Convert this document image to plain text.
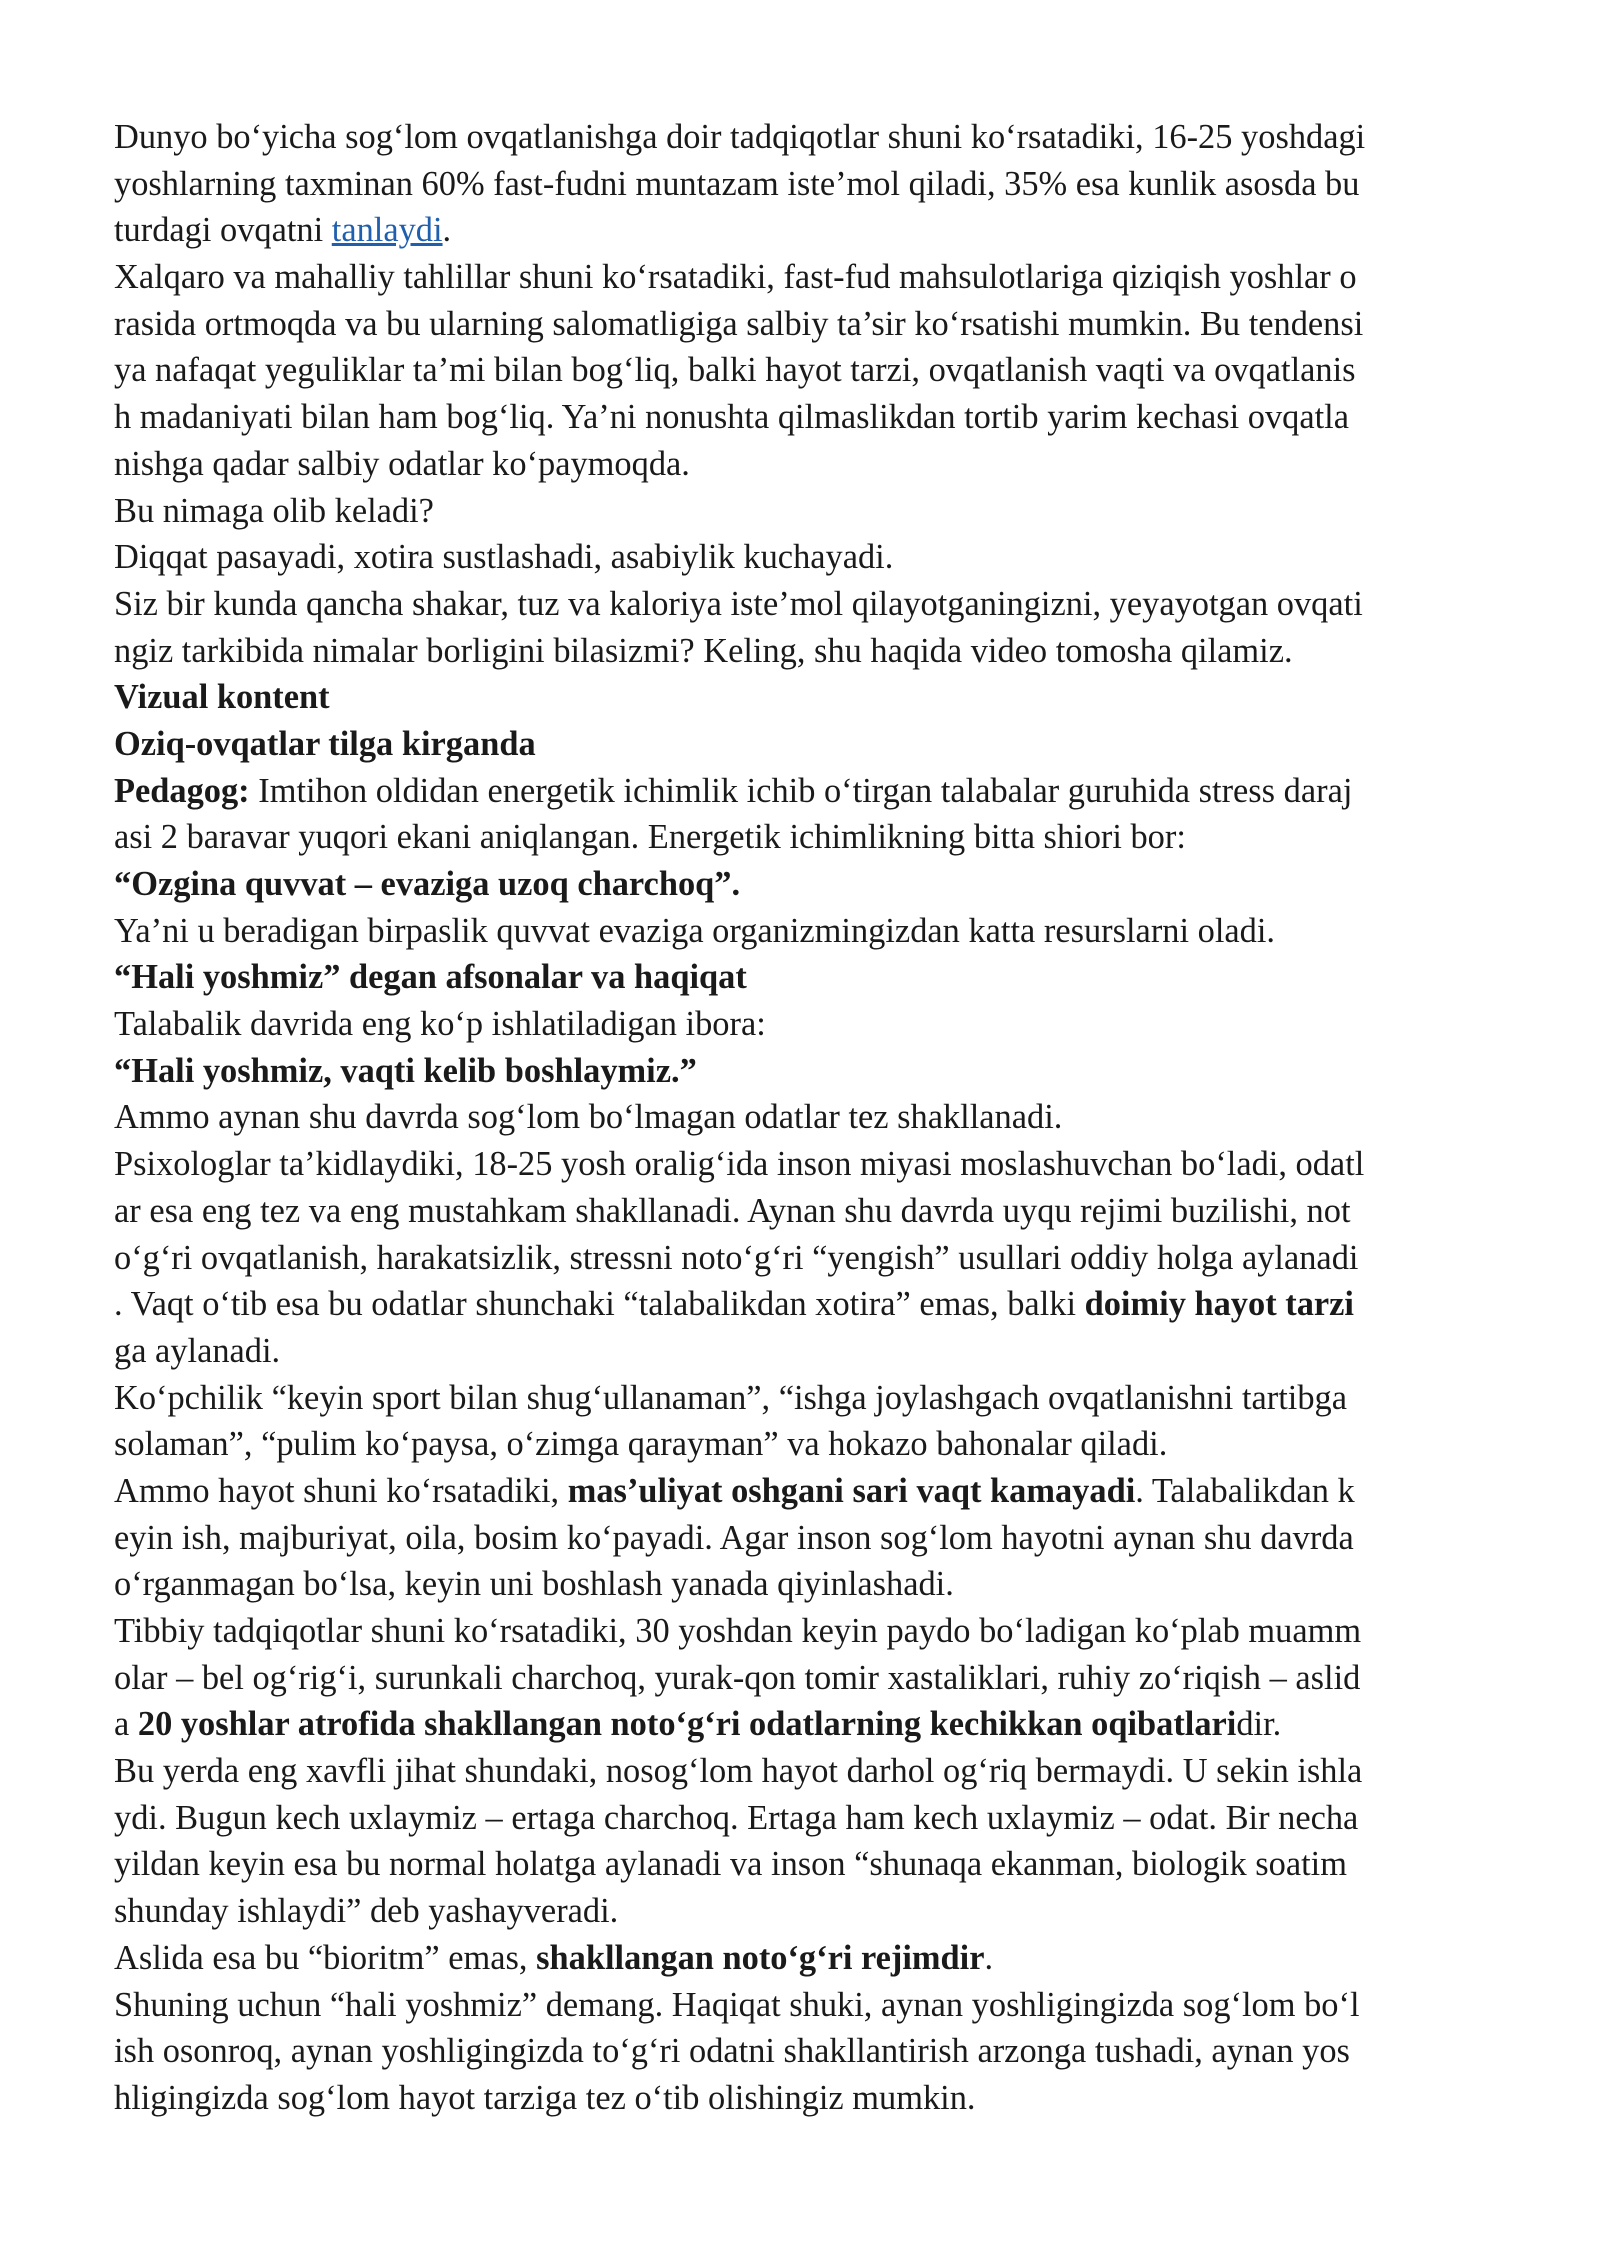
Dunyo bo‘yicha sog‘lom ovqatlanishga doir tadqiqotlar shuni ko‘rsatadiki, 16-25 yoshdagi
yoshlarning taxminan 60% fast-fudni muntazam iste’mol qiladi, 35% esa kunlik asosda bu
turdagi ovqatni tanlaydi.
Xalqaro va mahalliy tahlillar shuni ko‘rsatadiki, fast-fud mahsulotlariga qiziqish yoshlar o
rasida ortmoqda va bu ularning salomatligiga salbiy ta’sir ko‘rsatishi mumkin. Bu tendensi
ya nafaqat yeguliklar ta’mi bilan bog‘liq, balki hayot tarzi, ovqatlanish vaqti va ovqatlanis
h madaniyati bilan ham bog‘liq. Ya’ni nonushta qilmaslikdan tortib yarim kechasi ovqatla
nishga qadar salbiy odatlar ko‘paymoqda.
Bu nimaga olib keladi?
Diqqat pasayadi, xotira sustlashadi, asabiylik kuchayadi.
Siz bir kunda qancha shakar, tuz va kaloriya iste’mol qilayotganingizni, yeyayotgan ovqati
ngiz tarkibida nimalar borligini bilasizmi? Keling, shu haqida video tomosha qilamiz.
Vizual kontent
Oziq-ovqatlar tilga kirganda
Pedagog: Imtihon oldidan energetik ichimlik ichib o‘tirgan talabalar guruhida stress daraj
asi 2 baravar yuqori ekani aniqlangan. Energetik ichimlikning bitta shiori bor:
“Ozgina quvvat – evaziga uzoq charchoq”.
Ya’ni u beradigan birpaslik quvvat evaziga organizmingizdan katta resurslarni oladi.
“Hali yoshmiz” degan afsonalar va haqiqat
Talabalik davrida eng ko‘p ishlatiladigan ibora:
“Hali yoshmiz, vaqti kelib boshlaymiz.”
Ammo aynan shu davrda sog‘lom bo‘lmagan odatlar tez shakllanadi.
Psixologlar ta’kidlaydiki, 18-25 yosh oralig‘ida inson miyasi moslashuvchan bo‘ladi, odatl
ar esa eng tez va eng mustahkam shakllanadi. Aynan shu davrda uyqu rejimi buzilishi, not
o‘g‘ri ovqatlanish, harakatsizlik, stressni noto‘g‘ri “yengish” usullari oddiy holga aylanadi
. Vaqt o‘tib esa bu odatlar shunchaki “talabalikdan xotira” emas, balki doimiy hayot tarzi
ga aylanadi.
Ko‘pchilik “keyin sport bilan shug‘ullanaman”, “ishga joylashgach ovqatlanishni tartibga
solaman”, “pulim ko‘paysa, o‘zimga qarayman” va hokazo bahonalar qiladi.
Ammo hayot shuni ko‘rsatadiki, mas’uliyat oshgani sari vaqt kamayadi. Talabalikdan k
eyin ish, majburiyat, oila, bosim ko‘payadi. Agar inson sog‘lom hayotni aynan shu davrda
o‘rganmagan bo‘lsa, keyin uni boshlash yanada qiyinlashadi.
Tibbiy tadqiqotlar shuni ko‘rsatadiki, 30 yoshdan keyin paydo bo‘ladigan ko‘plab muamm
olar – bel og‘rig‘i, surunkali charchoq, yurak-qon tomir xastaliklari, ruhiy zo‘riqish – aslid
a 20 yoshlar atrofida shakllangan noto‘g‘ri odatlarning kechikkan oqibatlaridir.
Bu yerda eng xavfli jihat shundaki, nosog‘lom hayot darhol og‘riq bermaydi. U sekin ishla
ydi. Bugun kech uxlaymiz – ertaga charchoq. Ertaga ham kech uxlaymiz – odat. Bir necha
yildan keyin esa bu normal holatga aylanadi va inson “shunaqa ekanman, biologik soatim
shunday ishlaydi” deb yashayveradi.
Aslida esa bu “bioritm” emas, shakllangan noto‘g‘ri rejimdir.
Shuning uchun “hali yoshmiz” demang. Haqiqat shuki, aynan yoshligingizda sog‘lom bo‘l
ish osonroq, aynan yoshligingizda to‘g‘ri odatni shakllantirish arzonga tushadi, aynan yos
hligingizda sog‘lom hayot tarziga tez o‘tib olishingiz mumkin.
